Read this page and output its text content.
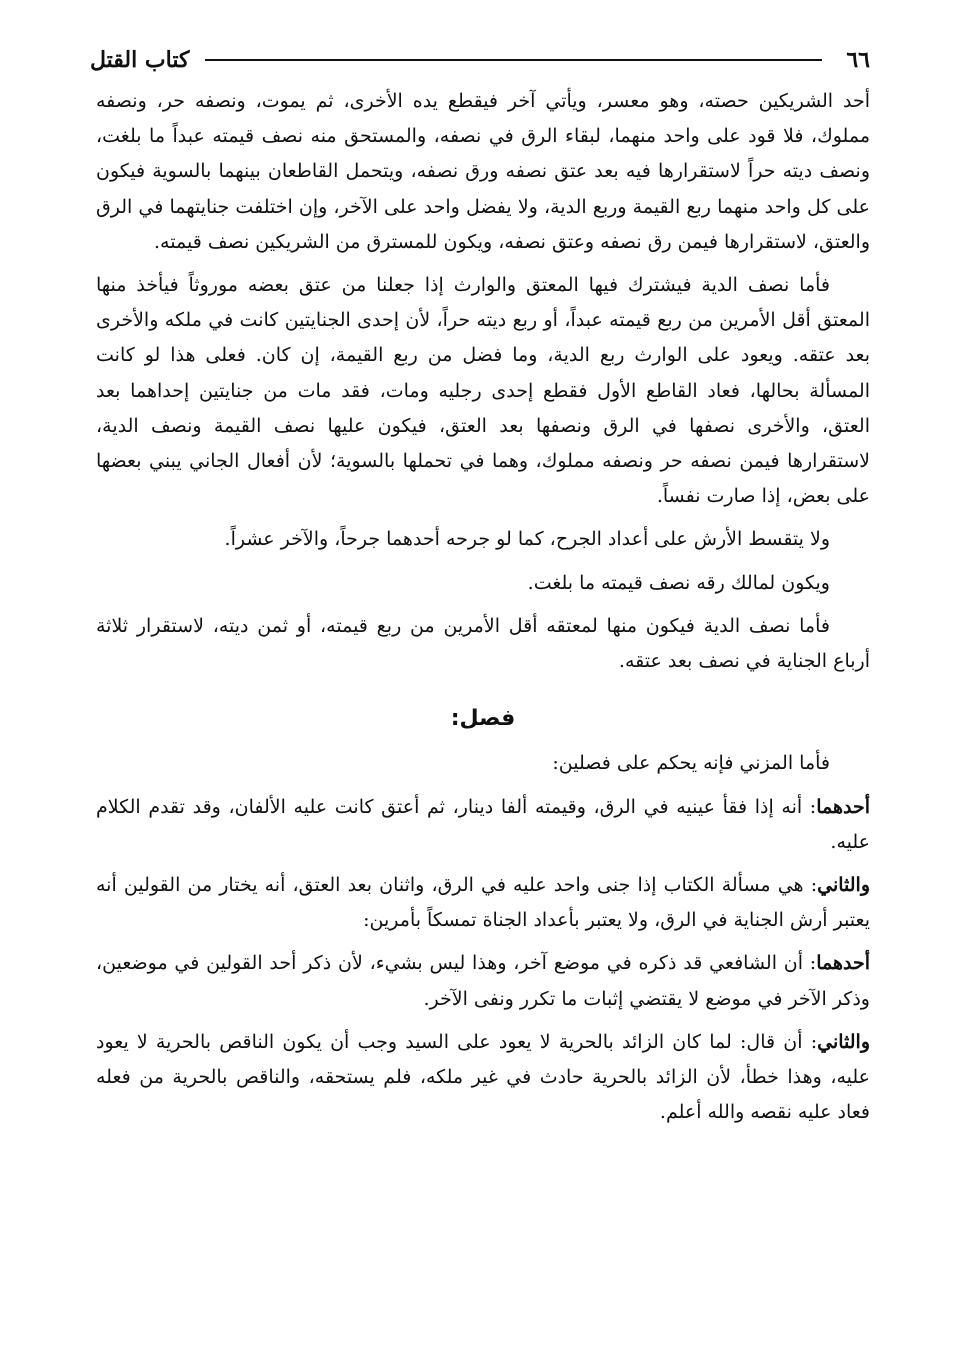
٦٦
كتاب القتل

أحد الشريكين حصته، وهو معسر، ويأتي آخر فيقطع يده الأخرى، ثم يموت، ونصفه حر، ونصفه مملوك، فلا قود على واحد منهما، لبقاء الرق في نصفه، والمستحق منه نصف قيمته عبداً ما بلغت، ونصف ديته حراً لاستقرارها فيه بعد عتق نصفه ورق نصفه، ويتحمل القاطعان بينهما بالسوية فيكون على كل واحد منهما ربع القيمة وربع الدية، ولا يفضل واحد على الآخر، وإن اختلفت جنايتهما في الرق والعتق، لاستقرارها فيمن رق نصفه وعتق نصفه، ويكون للمسترق من الشريكين نصف قيمته.

فأما نصف الدية فيشترك فيها المعتق والوارث إذا جعلنا من عتق بعضه موروثاً فيأخذ منها المعتق أقل الأمرين من ربع قيمته عبداً، أو ربع ديته حراً، لأن إحدى الجنايتين كانت في ملكه والأخرى بعد عتقه. ويعود على الوارث ربع الدية، وما فضل من ربع القيمة، إن كان. فعلى هذا لو كانت المسألة بحالها، فعاد القاطع الأول فقطع إحدى رجليه ومات، فقد مات من جنايتين إحداهما بعد العتق، والأخرى نصفها في الرق ونصفها بعد العتق، فيكون عليها نصف القيمة ونصف الدية، لاستقرارها فيمن نصفه حر ونصفه مملوك، وهما في تحملها بالسوية؛ لأن أفعال الجاني يبني بعضها على بعض، إذا صارت نفساً.

ولا يتقسط الأرش على أعداد الجرح، كما لو جرحه أحدهما جرحاً، والآخر عشراً.

ويكون لمالك رقه نصف قيمته ما بلغت.

فأما نصف الدية فيكون منها لمعتقه أقل الأمرين من ربع قيمته، أو ثمن ديته، لاستقرار ثلاثة أرباع الجناية في نصف بعد عتقه.

فصل:

فأما المزني فإنه يحكم على فصلين:

أحدهما: أنه إذا فقأ عينيه في الرق، وقيمته ألفا دينار، ثم أعتق كانت عليه الألفان، وقد تقدم الكلام عليه.

والثاني: هي مسألة الكتاب إذا جنى واحد عليه في الرق، واثنان بعد العتق، أنه يختار من القولين أنه يعتبر أرش الجناية في الرق، ولا يعتبر بأعداد الجناة تمسكاً بأمرين:

أحدهما: أن الشافعي قد ذكره في موضع آخر، وهذا ليس بشيء، لأن ذكر أحد القولين في موضعين، وذكر الآخر في موضع لا يقتضي إثبات ما تكرر ونفى الآخر.

والثاني: أن قال: لما كان الزائد بالحرية لا يعود على السيد وجب أن يكون الناقص بالحرية لا يعود عليه، وهذا خطأ، لأن الزائد بالحرية حادث في غير ملكه، فلم يستحقه، والناقص بالحرية من فعله فعاد عليه نقصه والله أعلم.
